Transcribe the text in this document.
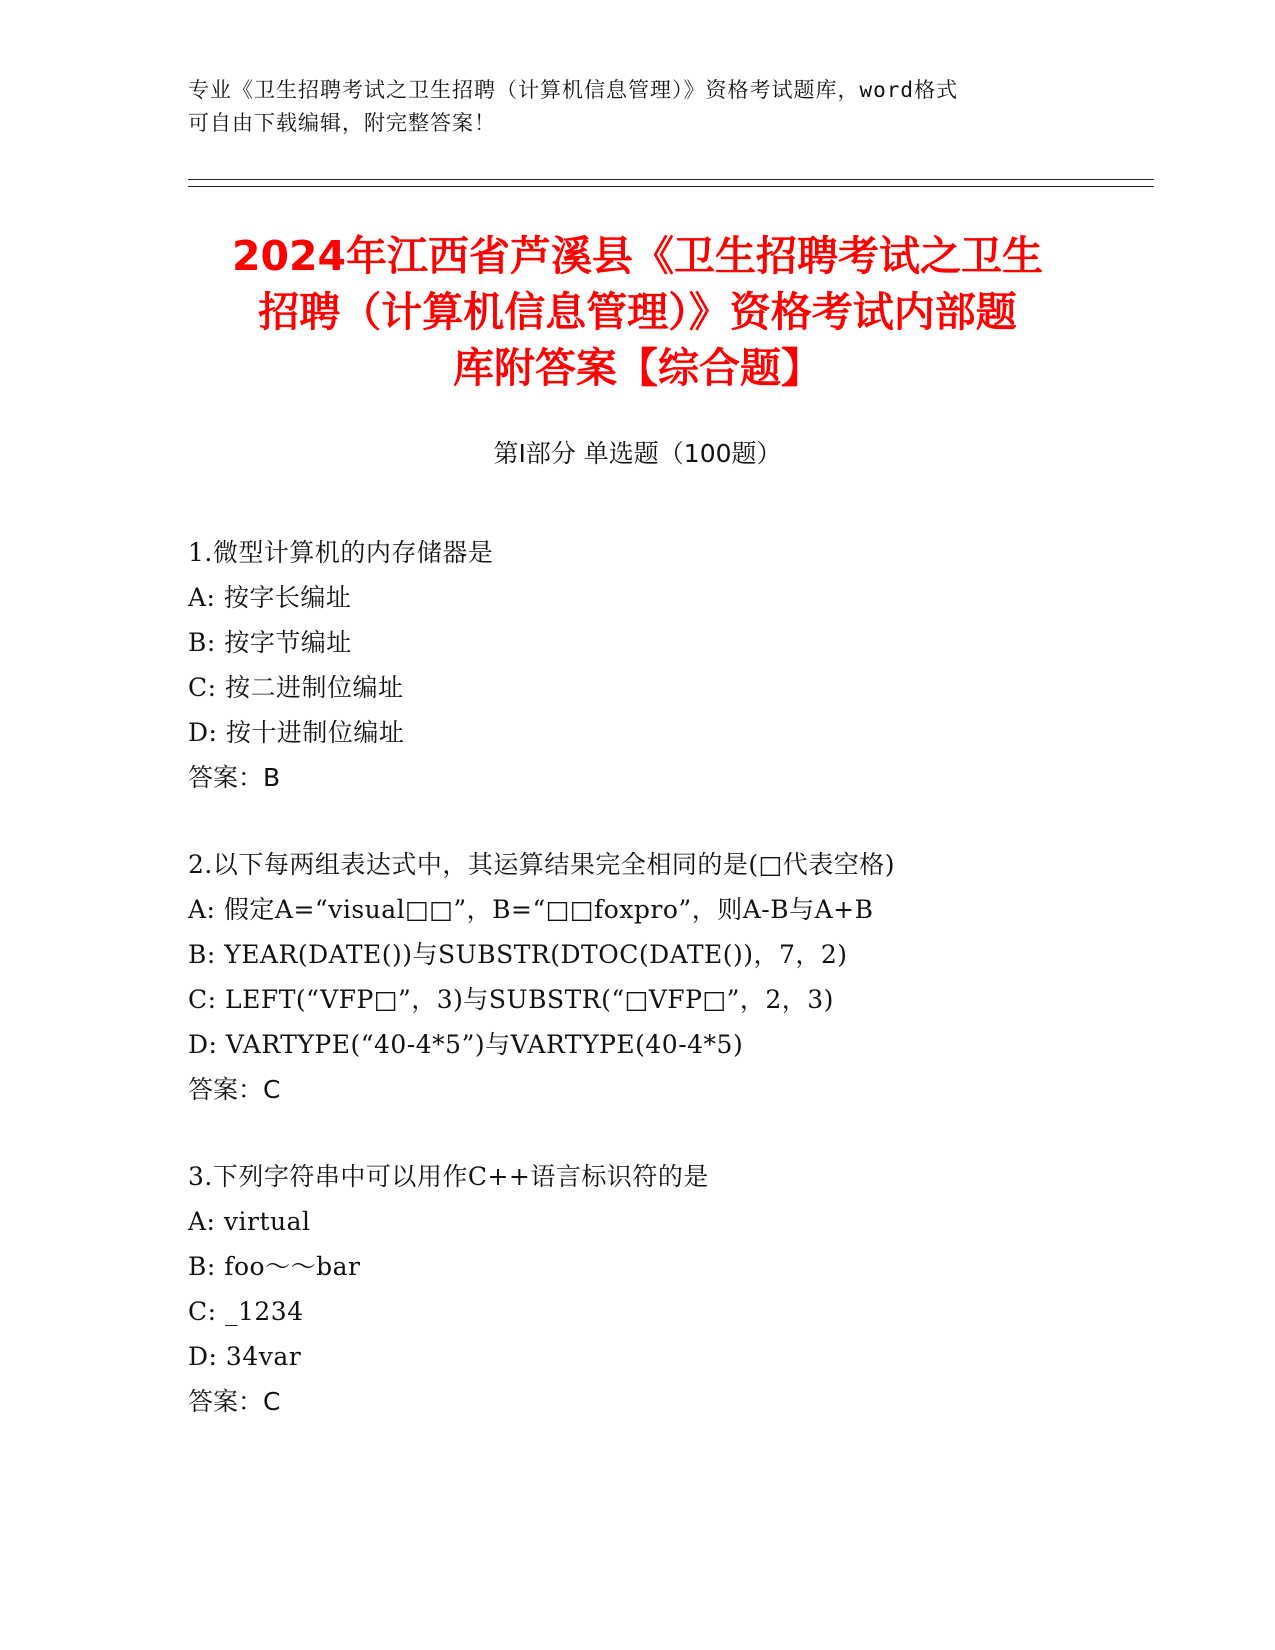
专业《卫生招聘考试之卫生招聘（计算机信息管理）》资格考试题库，word格式
可自由下载编辑，附完整答案！
2024年江西省芦溪县《卫生招聘考试之卫生
招聘（计算机信息管理）》资格考试内部题
库附答案【综合题】
第Ⅰ部分 单选题（100题）
1.微型计算机的内存储器是
A: 按字长编址
B: 按字节编址
C: 按二进制位编址
D: 按十进制位编址
答案：B
2.以下每两组表达式中，其运算结果完全相同的是(□代表空格)
A: 假定A=“visual□□”，B=“□□foxpro”，则A-B与A+B
B: YEAR(DATE())与SUBSTR(DTOC(DATE())，7，2)
C: LEFT(“VFP□”，3)与SUBSTR(“□VFP□”，2，3)
D: VARTYPE(“40-4*5”)与VARTYPE(40-4*5)
答案：C
3.下列字符串中可以用作C++语言标识符的是
A: virtual
B: foo～～bar
C: _1234
D: 34var
答案：C
